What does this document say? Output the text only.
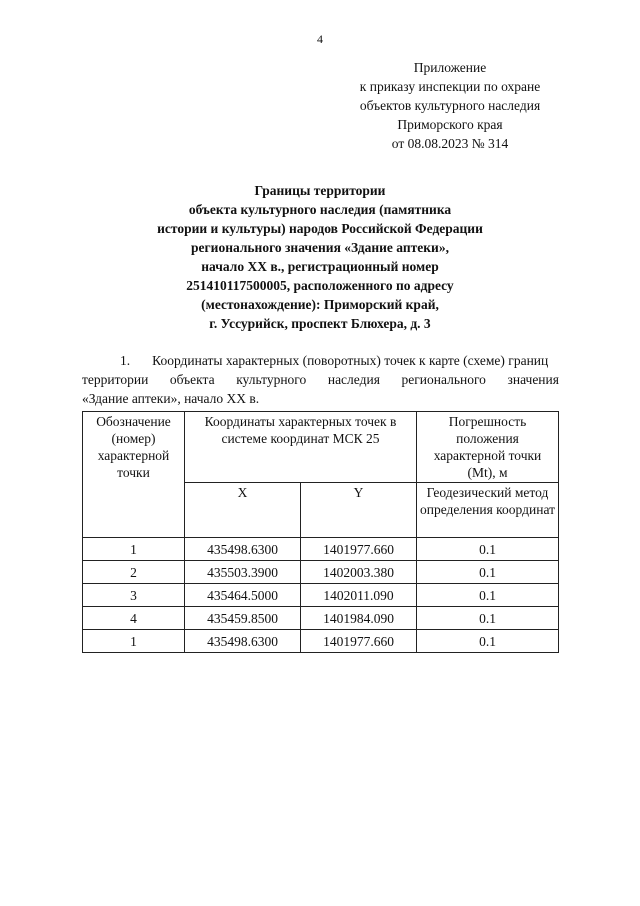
4
Приложение
к приказу инспекции по охране
объектов культурного наследия
Приморского края
от 08.08.2023 № 314
Границы территории
объекта культурного наследия (памятника
истории и культуры) народов Российской Федерации
регионального значения «Здание аптеки»,
начало XX в., регистрационный номер
251410117500005, расположенного по адресу
(местонахождение): Приморский край,
г. Уссурийск, проспект Блюхера, д. 3
1. Координаты характерных (поворотных) точек к карте (схеме) границ
территории объекта культурного наследия регионального значения
«Здание аптеки», начало XX в.
Обозначение (номер) характерной точки	Координаты характерных точек в системе координат МСК 25		Погрешность положения характерной точки (Mt), м
	X	Y	Геодезический метод определения координат
1	435498.6300	1401977.660	0.1
2	435503.3900	1402003.380	0.1
3	435464.5000	1402011.090	0.1
4	435459.8500	1401984.090	0.1
1	435498.6300	1401977.660	0.1
